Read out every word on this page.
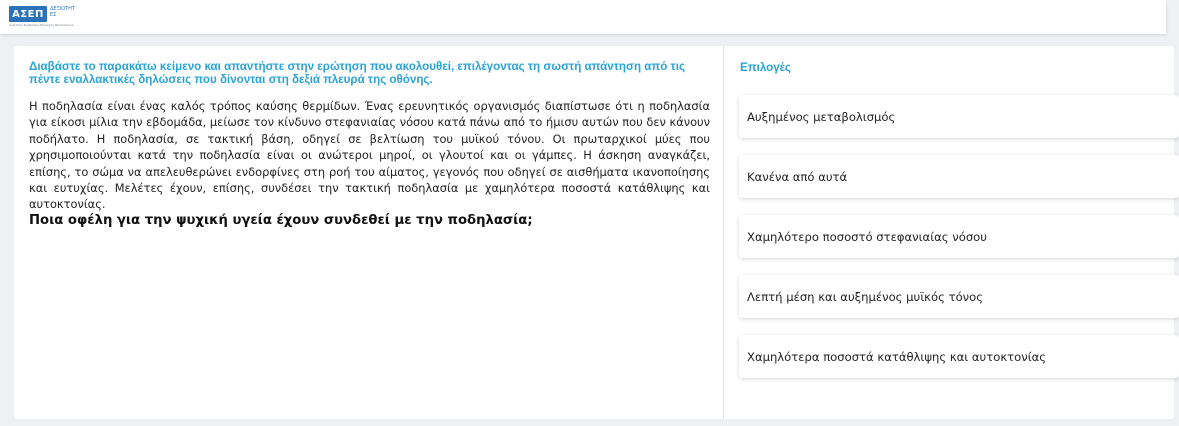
ΑΣΕΠ	ΔΕΞΙΟΤΗΤ
ΕΣ
Ανώτατο Συμβούλιο Επιλογής Προσωπικού
Διαβάστε το παρακάτω κείμενο και απαντήστε στην ερώτηση που ακολουθεί, επιλέγοντας τη σωστή απάντηση από τις πέντε εναλλακτικές δηλώσεις που δίνονται στη δεξιά πλευρά της οθόνης.
Η ποδηλασία είναι ένας καλός τρόπος καύσης θερμίδων. Ένας ερευνητικός οργανισμός διαπίστωσε ότι η ποδηλασία για είκοσι μίλια την εβδομάδα, μείωσε τον κίνδυνο στεφανιαίας νόσου κατά πάνω από το ήμισυ αυτών που δεν κάνουν ποδήλατο. Η ποδηλασία, σε τακτική βάση, οδηγεί σε βελτίωση του μυϊκού τόνου. Οι πρωταρχικοί μύες που χρησιμοποιούνται κατά την ποδηλασία είναι οι ανώτεροι μηροί, οι γλουτοί και οι γάμπες. Η άσκηση αναγκάζει, επίσης, το σώμα να απελευθερώνει ενδορφίνες στη ροή του αίματος, γεγονός που οδηγεί σε αισθήματα ικανοποίησης και ευτυχίας. Μελέτες έχουν, επίσης, συνδέσει την τακτική ποδηλασία με χαμηλότερα ποσοστά κατάθλιψης και αυτοκτονίας.
Ποια οφέλη για την ψυχική υγεία έχουν συνδεθεί με την ποδηλασία;
Επιλογές
Αυξημένος μεταβολισμός
Κανένα από αυτά
Χαμηλότερο ποσοστό στεφανιαίας νόσου
Λεπτή μέση και αυξημένος μυϊκός τόνος
Χαμηλότερα ποσοστά κατάθλιψης και αυτοκτονίας
